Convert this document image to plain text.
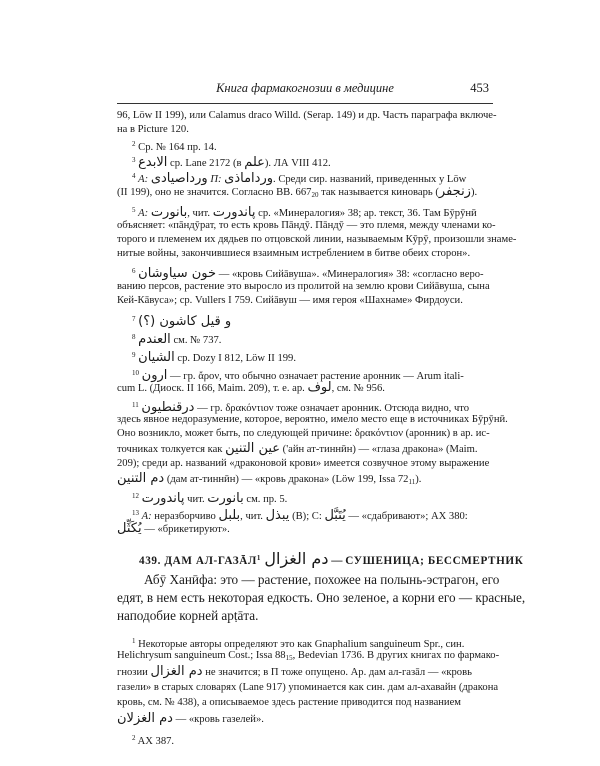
Книга фармакогнозии в медицине	453
96, Löw II 199), или Calamus draco Willd. (Serap. 149) и др. Часть параграфа включе-
на в Picture 120.
$^2$ Ср. № 164 пр. 14.
$^3$ الابدع ср. Lane 2172 (в علم). ЛА VIII 412.
$^4$ A: ورداصيادى П: ورداماذى. Среди сир. названий, приведенных у Löw
(II 199), оно не значится. Согласно BB. $667_{20}$ так называется киноварь (زنجفر).
$^5$ A: بانورت, чит. پاندورت ср. «Минералогия» 38; ар. текст, 36. Там Бӯрӯнӣ
объясняет: «пāндӯрат, то есть кровь Пāндӯ. Пāндӯ — это племя, между членами ко-
торого и племенем их дядьев по отцовской линии, называемым Кӯрӯ, произошли знаме-
нитые войны, закончившиеся взаимным истреблением в битве обеих сторон».
$^6$ خون سياوشان — «кровь Сийāвуша». «Минералогия» 38: «согласно веро-
ванию персов, растение это выросло из пролитой на землю крови Сийāвуша, сына
Кей-Кāвуса»; ср. Vullers I 759. Сийāвуш — имя героя «Шахнаме» Фирдоуси.
$^7$ و قيل كاشون (؟)
$^8$ العندم см. № 737.
$^9$ الشيان ср. Dozy I 812, Löw II 199.
$^{10}$ ارون — гр. ἄρον, что обычно означает растение аронник — Arum itali-
cum L. (Диоск. II 166, Maim. 209), т. е. ар. لوف, см. № 956.
$^{11}$ درقنطيون — гр. δρακόντιον тоже означает аронник. Отсюда видно, что
здесь явное недоразумение, которое, вероятно, имело место еще в источниках Бӯрӯнӣ.
Оно возникло, может быть, по следующей причине: δρακόντιον (аронник) в ар. ис-
точниках толкуется как عين التنين ('айн ат-тиннӣн) — «глаза дракона» (Maim.
209); среди ар. названий «драконовой крови» имеется созвучное этому выражение
دم التنين (дам ат-тиннӣн) — «кровь дракона» (Löw 199, Issa $72_{11}$).
$^{12}$ پاندورت чит. بانورت см. пр. 5.
$^{13}$ A: неразборчиво بلبل, чит. يبذل (B); C: يُتَبَّل — «сдабривают»; AX 380:
يُكَثِّل — «брикетируют».
439. ДАМ АЛ-ГАЗĀЛ$^1$ دم الغزال — СУШЕНИЦА; БЕССМЕРТНИК
Абӯ Ханӣфа: это — растение, похожее на полынь-эстрагон, его
едят, в нем есть некоторая едкость. Оно зеленое, а корни его — красные,
наподобие корней арṭāта.
$^1$ Некоторые авторы определяют это как Gnaphalium sanguineum Spr., син.
Helichrysum sanguineum Cost.; Issa $88_{15}$, Bedevian 1736. В других книгах по фармако-
гнозии دم الغزال не значится; в П тоже опущено. Ар. дам ал-газāл — «кровь
газели» в старых словарях (Lane 917) упоминается как син. дам ал-ахавайн (дракона
кровь, см. № 438), а описываемое здесь растение приводится под названием
دم الغزلان — «кровь газелей».
$^2$ AX 387.
